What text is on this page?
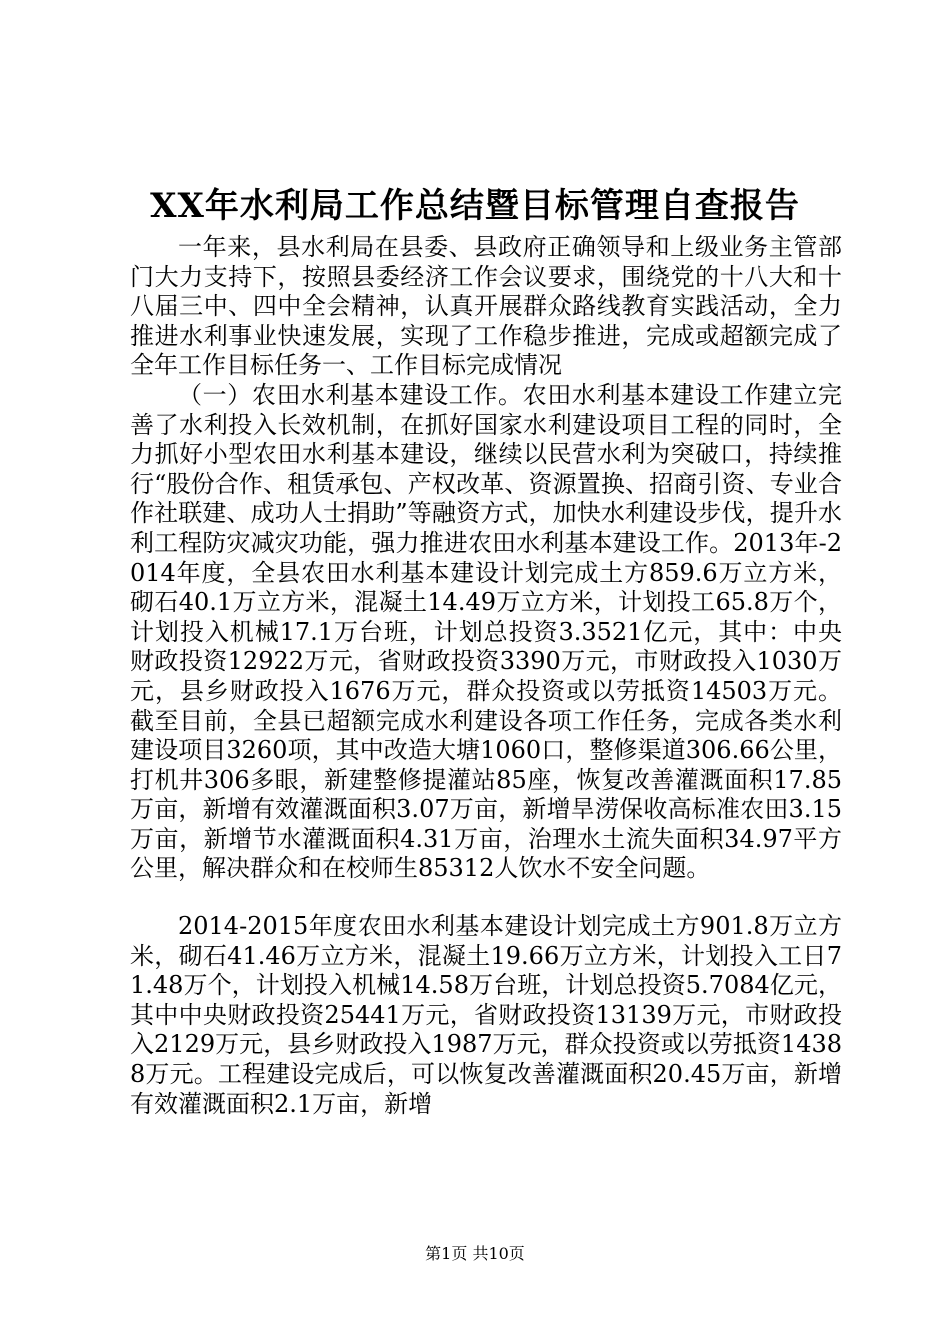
XX年水利局工作总结暨目标管理自查报告

一年来，县水利局在县委、县政府正确领导和上级业务主管部门大力支持下，按照县委经济工作会议要求，围绕党的十八大和十八届三中、四中全会精神，认真开展群众路线教育实践活动，全力推进水利事业快速发展，实现了工作稳步推进，完成或超额完成了全年工作目标任务一、工作目标完成情况

（一）农田水利基本建设工作。农田水利基本建设工作建立完善了水利投入长效机制，在抓好国家水利建设项目工程的同时，全力抓好小型农田水利基本建设，继续以民营水利为突破口，持续推行“股份合作、租赁承包、产权改革、资源置换、招商引资、专业合作社联建、成功人士捐助”等融资方式，加快水利建设步伐，提升水利工程防灾减灾功能，强力推进农田水利基本建设工作。2013年-2014年度，全县农田水利基本建设计划完成土方859.6万立方米，砌石40.1万立方米，混凝土14.49万立方米，计划投工65.8万个，计划投入机械17.1万台班，计划总投资3.3521亿元，其中：中央财政投资12922万元，省财政投资3390万元，市财政投入1030万元，县乡财政投入1676万元，群众投资或以劳抵资14503万元。截至目前，全县已超额完成水利建设各项工作任务，完成各类水利建设项目3260项，其中改造大塘1060口，整修渠道306.66公里，打机井306多眼，新建整修提灌站85座，恢复改善灌溉面积17.85万亩，新增有效灌溉面积3.07万亩，新增旱涝保收高标准农田3.15万亩，新增节水灌溉面积4.31万亩，治理水土流失面积34.97平方公里，解决群众和在校师生85312人饮水不安全问题。

2014-2015年度农田水利基本建设计划完成土方901.8万立方米，砌石41.46万立方米，混凝土19.66万立方米，计划投入工日71.48万个，计划投入机械14.58万台班，计划总投资5.7084亿元，其中中央财政投资25441万元，省财政投资13139万元，市财政投入2129万元，县乡财政投入1987万元，群众投资或以劳抵资14388万元。工程建设完成后，可以恢复改善灌溉面积20.45万亩，新增有效灌溉面积2.1万亩，新增

第1页 共10页
